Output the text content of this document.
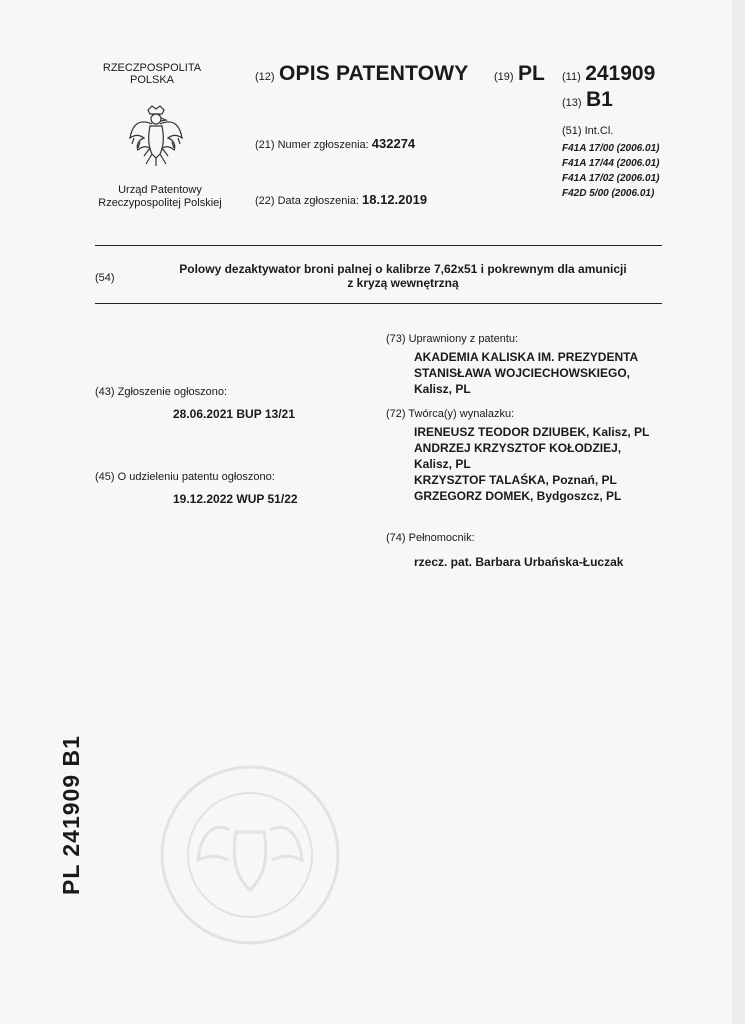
RZECZPOSPOLITA
POLSKA
Urząd Patentowy
Rzeczypospolitej Polskiej
(12) OPIS PATENTOWY (19) PL (11) 241909
(13) B1
(21) Numer zgłoszenia: 432274
(22) Data zgłoszenia: 18.12.2019
(51) Int.Cl.
F41A 17/00 (2006.01)
F41A 17/44 (2006.01)
F41A 17/02 (2006.01)
F42D 5/00 (2006.01)
(54)
Polowy dezaktywator broni palnej o kalibrze 7,62x51 i pokrewnym dla amunicji
z kryzą wewnętrzną
(43) Zgłoszenie ogłoszono:
28.06.2021 BUP 13/21
(45) O udzieleniu patentu ogłoszono:
19.12.2022 WUP 51/22
(73) Uprawniony z patentu:
AKADEMIA KALISKA IM. PREZYDENTA
STANISŁAWA WOJCIECHOWSKIEGO,
Kalisz, PL
(72) Twórca(y) wynalazku:
IRENEUSZ TEODOR DZIUBEK, Kalisz, PL
ANDRZEJ KRZYSZTOF KOŁODZIEJ,
Kalisz, PL
KRZYSZTOF TALAŚKA, Poznań, PL
GRZEGORZ DOMEK, Bydgoszcz, PL
(74) Pełnomocnik:
rzecz. pat. Barbara Urbańska-Łuczak
PL 241909 B1
